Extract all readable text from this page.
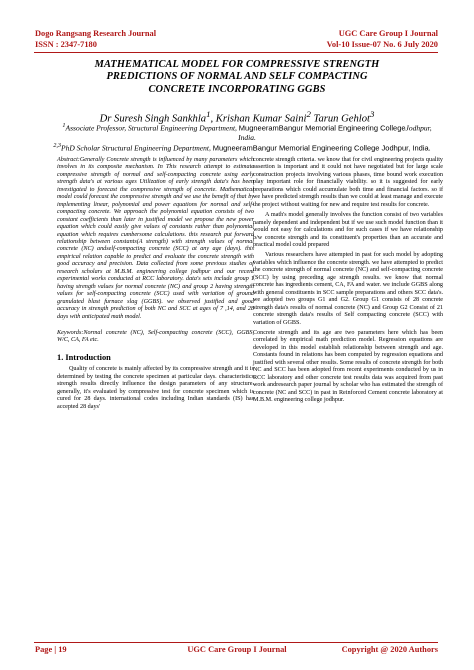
Dogo Rangsang Research Journal
ISSN : 2347-7180
UGC Care Group I Journal
Vol-10 Issue-07 No. 6 July 2020
MATHEMATICAL MODEL FOR COMPRESSIVE STRENGTH
PREDICTIONS OF NORMAL AND SELF COMPACTING
CONCRETE INCORPORATING GGBS
Dr Suresh Singh Sankhla$^1$, Krishan Kumar Saini$^2$ Tarun Gehlot$^3$
$^1$Associate Professor, Structural Engineering Department, MugneeramBangur Memorial Engineering CollegeJodhpur, India.
$^{2,3}$PhD Scholar Structural Engineering Department, MugneeramBangur Memorial Engineering College Jodhpur, India.

Abstract:Generally Concrete strength is influenced by many parameters which involves in its composite mechanism. In This research attempt to estimate compressive strength of normal and self-compacting concrete using early strength data's at various ages Utilization of early strength data's has been investigated to forecast the compressive strength of concrete. Mathematical model could forecast the compressive strength and we use the benefit of that by implementing linear, polynomial and power equations for normal and self-compacting concrete. We approach the polynomial equation consists of two constant coefficients than later in justified model we propose the new power equation which could easily give values of constants rather than polynomial equation which requires cumbersome calculations. this research put forward relationship between constants(A strength) with strength values of normal concrete (NC) andself-compacting concrete (SCC) at any age (days). this empirical relation capable to predict and evaluate the concrete strength with good accuracy and precision. Data collected from some previous studies of research scholars at M.B.M. engineering college jodhpur and our recent experimental works conducted at RCC laboratory. data's sets include group 1 having strength values for normal concrete (NC) and group 2 having strength values for self-compacting concrete (SCC) used with variation of ground granulated blast furnace slag (GGBS). we observed justified and good accuracy in strength prediction of both NC and SCC at ages of 7 ,14, and 28 days with anticipated math model.

Keywords:Normal concrete (NC), Self-compacting concrete (SCC), GGBS, W/C, CA, FA etc.

1. Introduction

Quality of concrete is mainly affected by its compressive strength and it is determined by testing the concrete specimen at particular days. characteristics strength results directly influence the design parameters of any structure. generally, it's evaluated by compressive test for concrete specimen which is cured for 28 days. international codes including Indian standards (IS) has accepted 28 days'

concrete strength criteria. we know that for civil engineering projects quality assertion is important and it could not have negotiated but for large scale construction projects involving various phases, time bound work execution play important role for financially viability. so it is suggested for early preparations which could accumulate both time and financial factors. so if we have predicted strength results than we could at least manage and execute the project without waiting for new and require test results for concrete.

A math's model generally involves the function consist of two variables namely dependent and independent but if we use such model function than it would not easy for calculations and for such cases if we have relationship b/w concrete strength and its constituent's properties than an accurate and practical model could prepared

Various researchers have attempted in past for such model by adopting variables which influence the concrete strength. we have attempted to predict the concrete strength of normal concrete (NC) and self-compacting concrete (SCC) by using preceding age strength results. we know that normal concrete has ingredients cement, CA, FA and water. we include GGBS along with general constituents in SCC sample preparations and others SCC data's. we adopted two groups G1 and G2. Group G1 consists of 28 concrete strength data's results of normal concrete (NC) and Group G2 Consist of 21 concrete strength data's results of Self compacting concrete (SCC) with variation of GGBS.

Concrete strength and its age are two parameters here which has been correlated by empirical math prediction model. Regression equations are developed in this model establish relationship between strength and age. Constants found in relations has been computed by regression equations and justified with several other results. Some results of concrete strength for both NC and SCC has been adopted from recent experiments conducted by us in RCC laboratory and other concrete test results data was acquired from past work andresearch paper journal by scholar who has estimated the strength of concrete (NC and SCC) in past in Reinforced Cement concrete laboratory at M.B.M. engineering college jodhpur.

Page | 19	UGC Care Group I Journal	Copyright @ 2020 Authors
